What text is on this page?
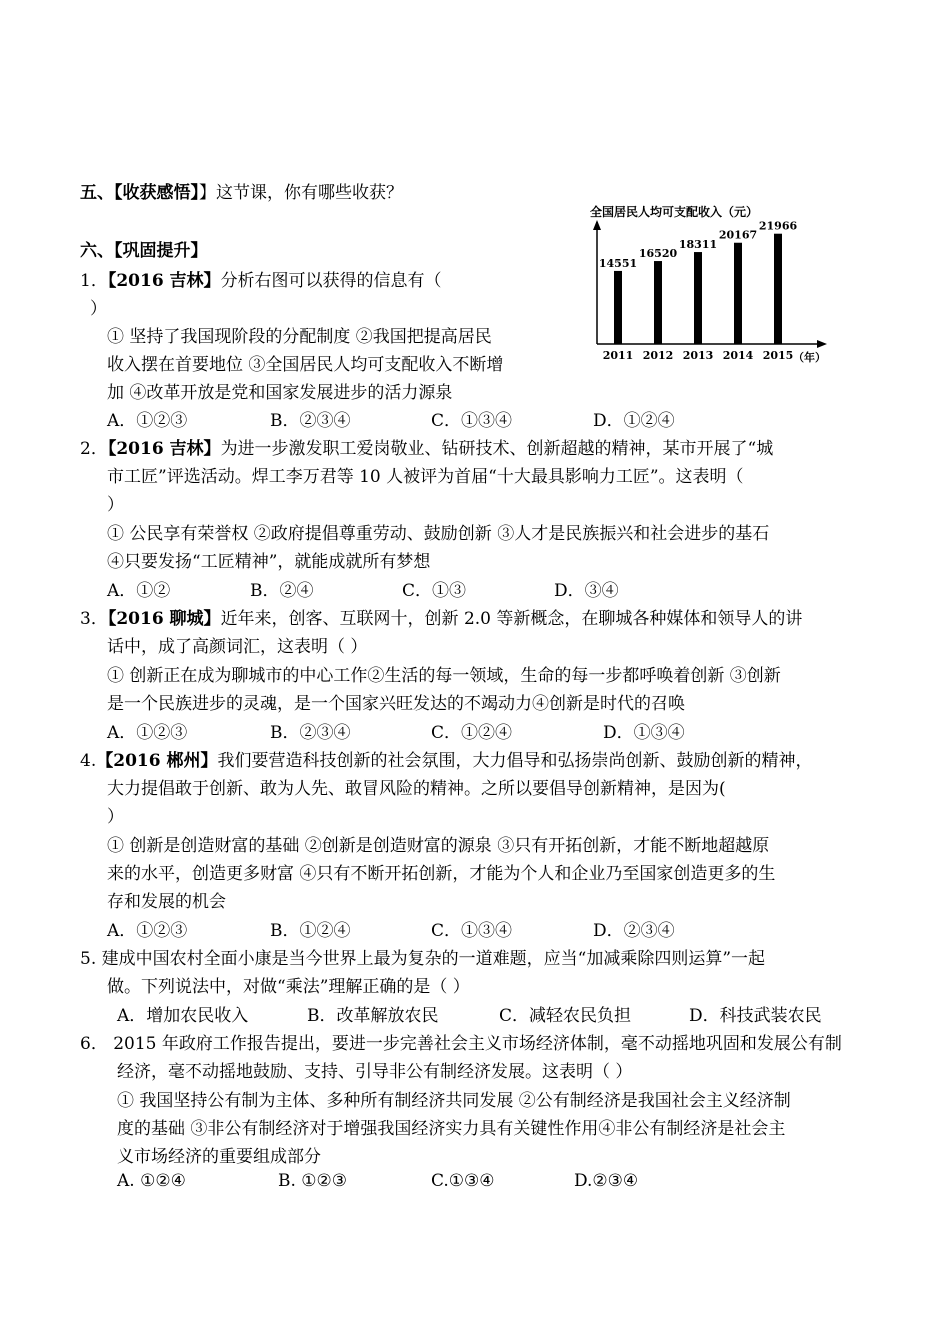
五、【收获感悟】】这节课，你有哪些收获？
六、【巩固提升】
全国居民人均可支配收入（元）
14551
2011
16520
2012
18311
2013
20167
2014
21966
2015 （年）
1．【2016 吉林】分析右图可以获得的信息有（
）
① 坚持了我国现阶段的分配制度 ②我国把提高居民
收入摆在首要地位 ③全国居民人均可支配收入不断增
加 ④改革开放是党和国家发展进步的活力源泉
A．①②③	B．②③④	C．①③④	D．①②④
2．【2016 吉林】为进一步激发职工爱岗敬业、钻研技术、创新超越的精神，某市开展了“城
市工匠”评选活动。焊工李万君等 10 人被评为首届“十大最具影响力工匠”。这表明（
）
① 公民享有荣誉权 ②政府提倡尊重劳动、鼓励创新 ③人才是民族振兴和社会进步的基石
④只要发扬“工匠精神”，就能成就所有梦想
A．①②	B．②④	C．①③	D．③④
3．【2016 聊城】近年来，创客、互联网十，创新 2.0 等新概念，在聊城各种媒体和领导人的讲
话中，成了高颜词汇，这表明（ ）
① 创新正在成为聊城市的中心工作②生活的每一领域，生命的每一步都呼唤着创新 ③创新
是一个民族进步的灵魂，是一个国家兴旺发达的不竭动力④创新是时代的召唤
A．①②③	B．②③④	C．①②④	D．①③④
4.【2016 郴州】我们要营造科技创新的社会氛围，大力倡导和弘扬崇尚创新、鼓励创新的精神，
大力提倡敢于创新、敢为人先、敢冒风险的精神。之所以要倡导创新精神，是因为(
）
① 创新是创造财富的基础 ②创新是创造财富的源泉 ③只有开拓创新，才能不断地超越原
来的水平，创造更多财富 ④只有不断开拓创新，才能为个人和企业乃至国家创造更多的生
存和发展的机会
A．①②③	B．①②④	C．①③④	D．②③④
5. 建成中国农村全面小康是当今世界上最为复杂的一道难题，应当“加减乘除四则运算”一起
做。下列说法中，对做“乘法”理解正确的是（ ）
A．增加农民收入	B．改革解放农民	C．减轻农民负担	D．科技武装农民
6． 2015 年政府工作报告提出，要进一步完善社会主义市场经济体制，毫不动摇地巩固和发展公有制
经济，毫不动摇地鼓励、支持、引导非公有制经济发展。这表明（ ）
① 我国坚持公有制为主体、多种所有制经济共同发展 ②公有制经济是我国社会主义经济制
度的基础 ③非公有制经济对于增强我国经济实力具有关键性作用④非公有制经济是社会主
义市场经济的重要组成部分
A. ①②④	B. ①②③	C.①③④	D.②③④
